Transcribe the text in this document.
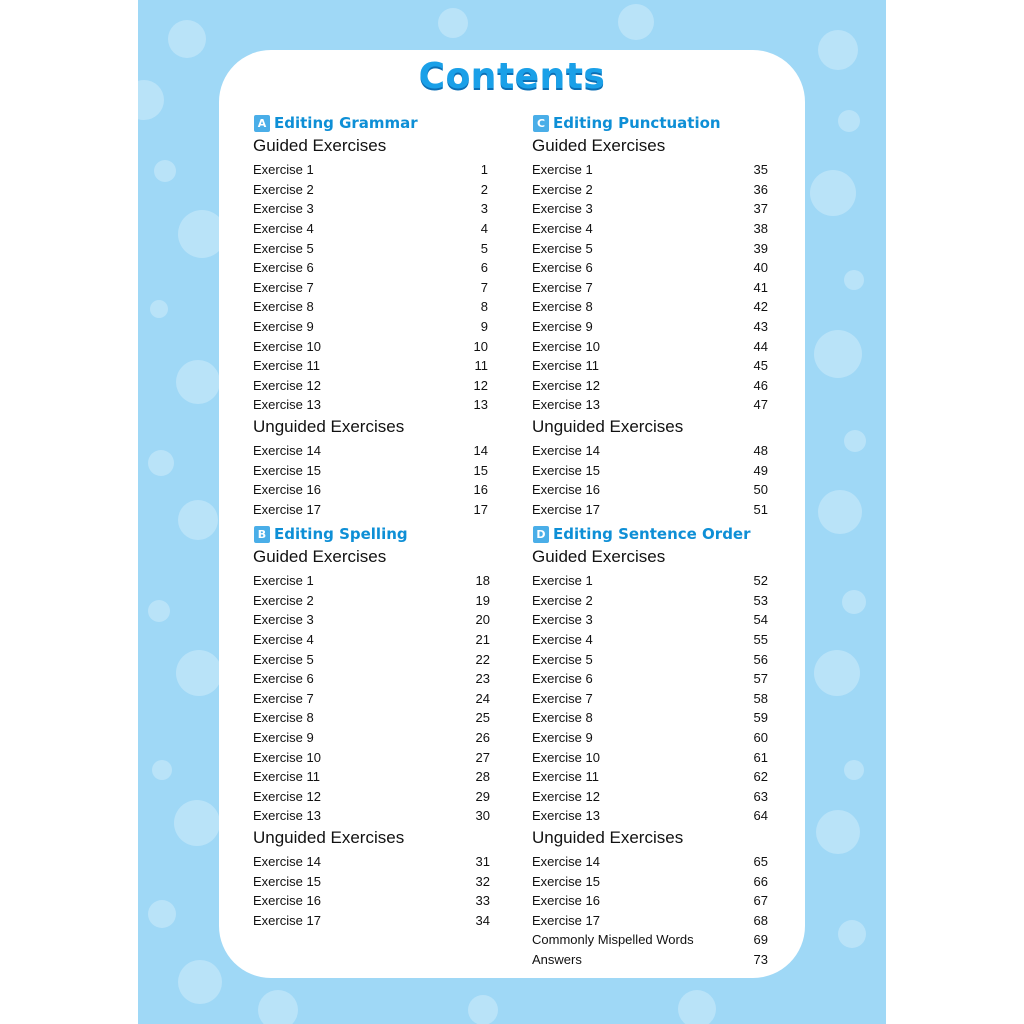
Contents
A Editing Grammar
Guided Exercises
Exercise 1	1
Exercise 2	2
Exercise 3	3
Exercise 4	4
Exercise 5	5
Exercise 6	6
Exercise 7	7
Exercise 8	8
Exercise 9	9
Exercise 10	10
Exercise 11	11
Exercise 12	12
Exercise 13	13
Unguided Exercises
Exercise 14	14
Exercise 15	15
Exercise 16	16
Exercise 17	17
B Editing Spelling
Guided Exercises
Exercise 1	18
Exercise 2	19
Exercise 3	20
Exercise 4	21
Exercise 5	22
Exercise 6	23
Exercise 7	24
Exercise 8	25
Exercise 9	26
Exercise 10	27
Exercise 11	28
Exercise 12	29
Exercise 13	30
Unguided Exercises
Exercise 14	31
Exercise 15	32
Exercise 16	33
Exercise 17	34
C Editing Punctuation
Guided Exercises
Exercise 1	35
Exercise 2	36
Exercise 3	37
Exercise 4	38
Exercise 5	39
Exercise 6	40
Exercise 7	41
Exercise 8	42
Exercise 9	43
Exercise 10	44
Exercise 11	45
Exercise 12	46
Exercise 13	47
Unguided Exercises
Exercise 14	48
Exercise 15	49
Exercise 16	50
Exercise 17	51
D Editing Sentence Order
Guided Exercises
Exercise 1	52
Exercise 2	53
Exercise 3	54
Exercise 4	55
Exercise 5	56
Exercise 6	57
Exercise 7	58
Exercise 8	59
Exercise 9	60
Exercise 10	61
Exercise 11	62
Exercise 12	63
Exercise 13	64
Unguided Exercises
Exercise 14	65
Exercise 15	66
Exercise 16	67
Exercise 17	68
Commonly Mispelled Words	69
Answers	73
